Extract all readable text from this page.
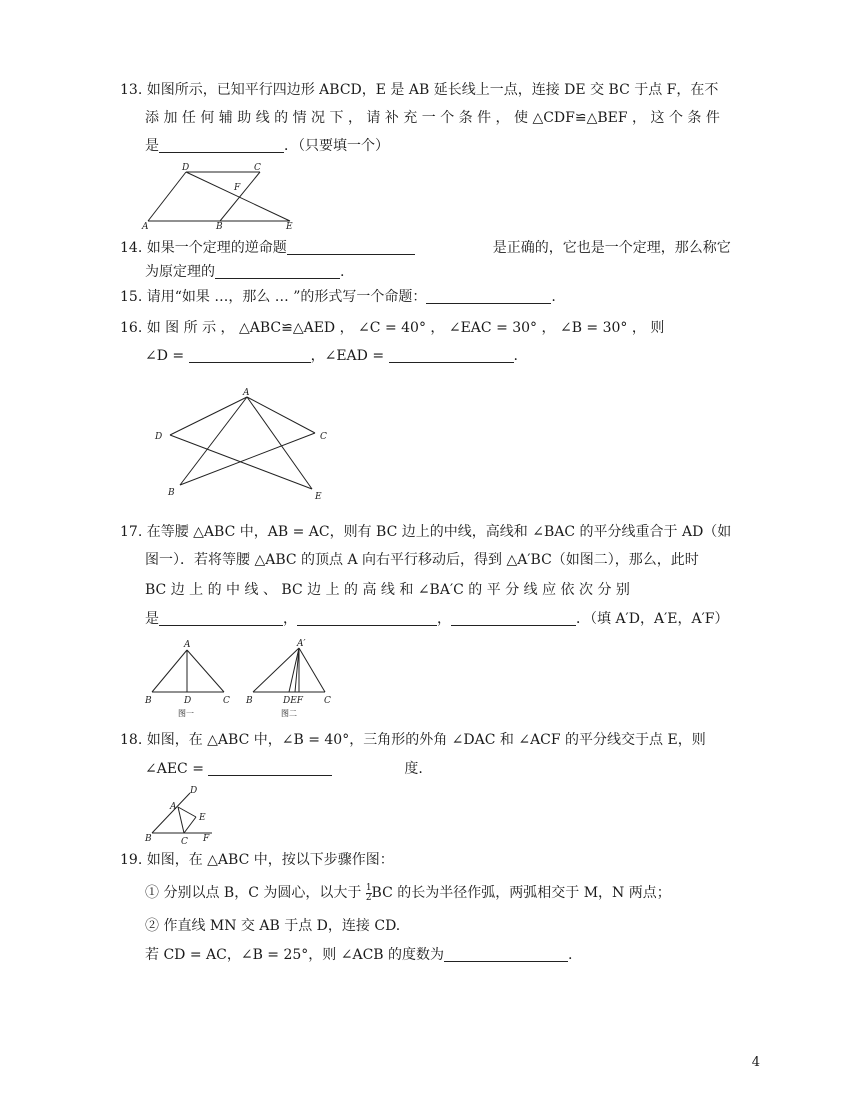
13. 如图所示，已知平行四边形 ABCD，E 是 AB 延长线上一点，连接 DE 交 BC 于点 F，在不
添 加 任 何 辅 助 线 的 情 况 下 ， 请 补 充 一 个 条 件 ， 使 △CDF≌△BEF ， 这 个 条 件
是	．（只要填一个）
D	C
F
A	B	E
14. 如果一个定理的逆命题	是正确的，它也是一个定理，那么称它
为原定理的	.
15. 请用“如果 …，那么 … ”的形式写一个命题：	.
16. 如 图 所 示 ， △ABC≌△AED ， ∠C = 40° ， ∠EAC = 30° ， ∠B = 30° ， 则
∠D =	，∠EAD =	.
A
D	C
B	E
17. 在等腰 △ABC 中，AB = AC，则有 BC 边上的中线，高线和 ∠BAC 的平分线重合于 AD（如
图一）．若将等腰 △ABC 的顶点 A 向右平行移动后，得到 △A′BC（如图二），那么，此时
BC 边 上 的 中 线 、 BC 边 上 的 高 线 和 ∠BA′C 的 平 分 线 应 依 次 分 别
是	，	，	．（填 A′D，A′E，A′F）
A
B	D	C
图一
A′
B	DEF C
图二
18. 如图，在 △ABC 中，∠B = 40°，三角形的外角 ∠DAC 和 ∠ACF 的平分线交于点 E，则
∠AEC =	度.
D
A
E
B	C F
19. 如图，在 △ABC 中，按以下步骤作图：
① 分别以点 B，C 为圆心，以大于 $\frac{1}{2}$ BC 的长为半径作弧，两弧相交于 M，N 两点；
② 作直线 MN 交 AB 于点 D，连接 CD.
若 CD = AC，∠B = 25°，则 ∠ACB 的度数为	.
4
